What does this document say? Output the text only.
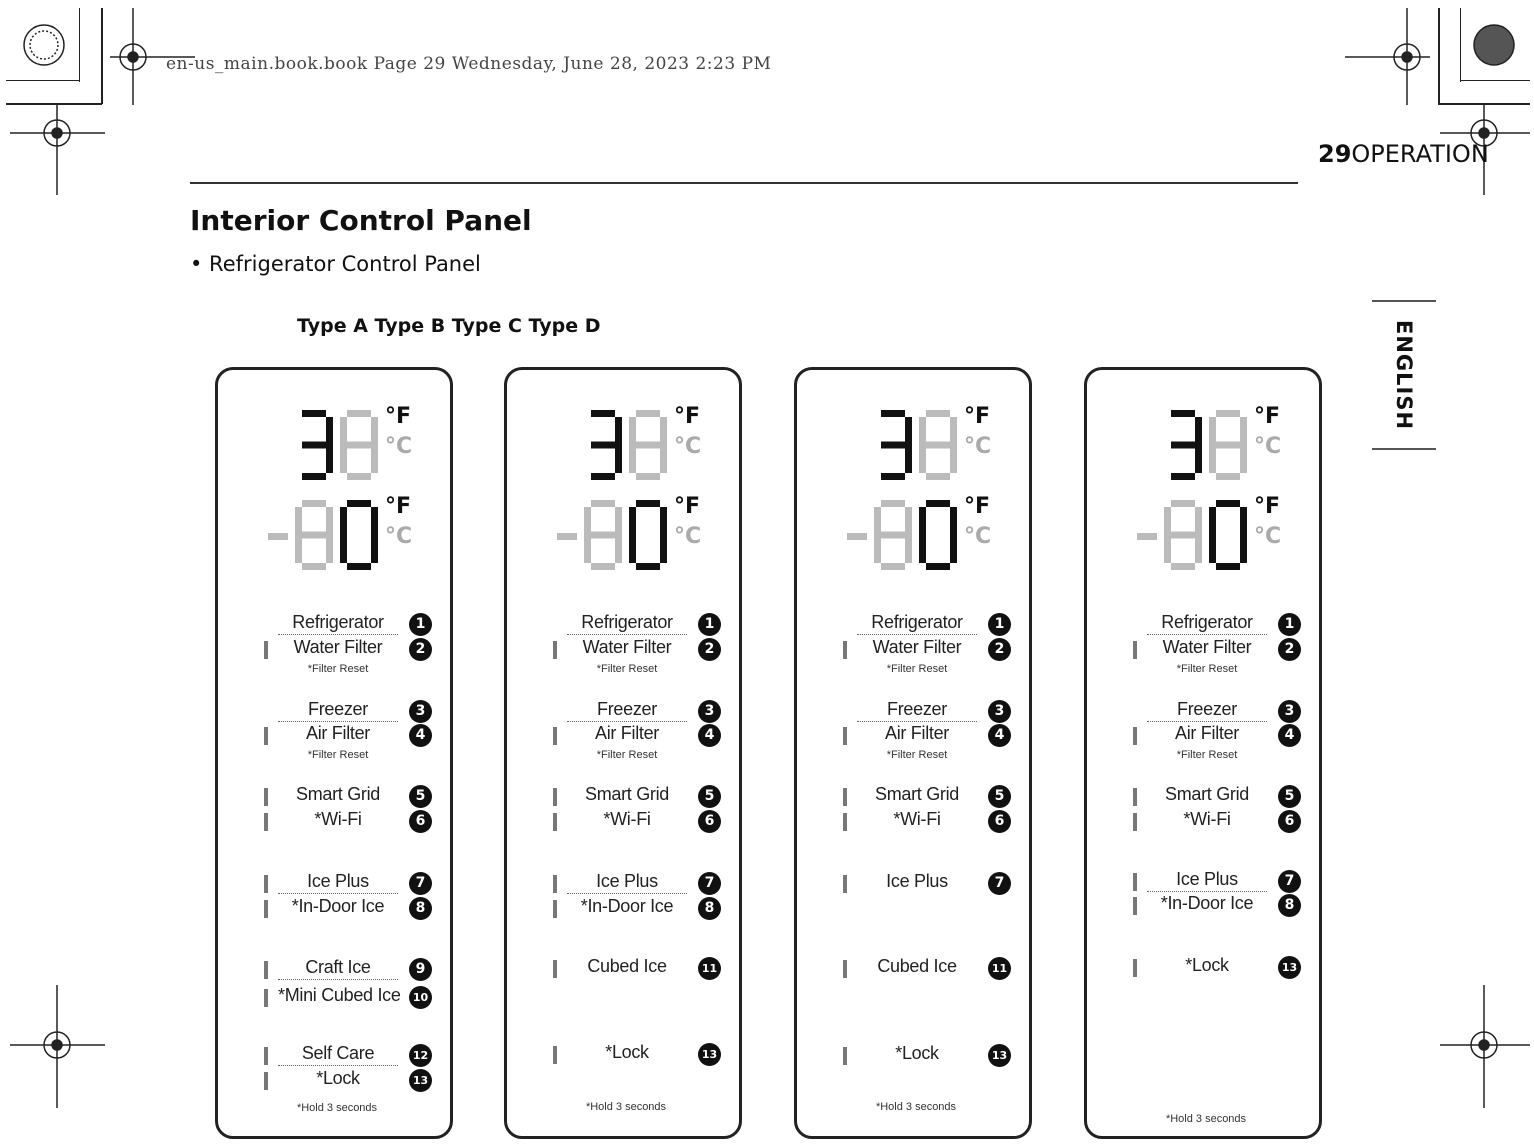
en-us_main.book.book Page 29 Wednesday, June 28, 2023 2:23 PM
29OPERATION
ENGLISH
Interior Control Panel
• Refrigerator Control Panel
Type A Type B Type C Type D
°F
°C
°F
°C
Refrigerator	1
Water Filter	2
*Filter Reset
Freezer	3
Air Filter	4
*Filter Reset
Smart Grid	5
*Wi-Fi	6
Ice Plus	7
*In-Door Ice	8
Craft Ice	9
*Mini Cubed Ice	10
Self Care	12
*Lock	13
*Hold 3 seconds
°F
°C
°F
°C
Refrigerator	1
Water Filter	2
*Filter Reset
Freezer	3
Air Filter	4
*Filter Reset
Smart Grid	5
*Wi-Fi	6
Ice Plus	7
*In-Door Ice	8
Cubed Ice	11
*Lock	13
*Hold 3 seconds
°F
°C
°F
°C
Refrigerator	1
Water Filter	2
*Filter Reset
Freezer	3
Air Filter	4
*Filter Reset
Smart Grid	5
*Wi-Fi	6
Ice Plus	7
Cubed Ice	11
*Lock	13
*Hold 3 seconds
°F
°C
°F
°C
Refrigerator	1
Water Filter	2
*Filter Reset
Freezer	3
Air Filter	4
*Filter Reset
Smart Grid	5
*Wi-Fi	6
Ice Plus	7
*In-Door Ice	8
*Lock	13
*Hold 3 seconds
